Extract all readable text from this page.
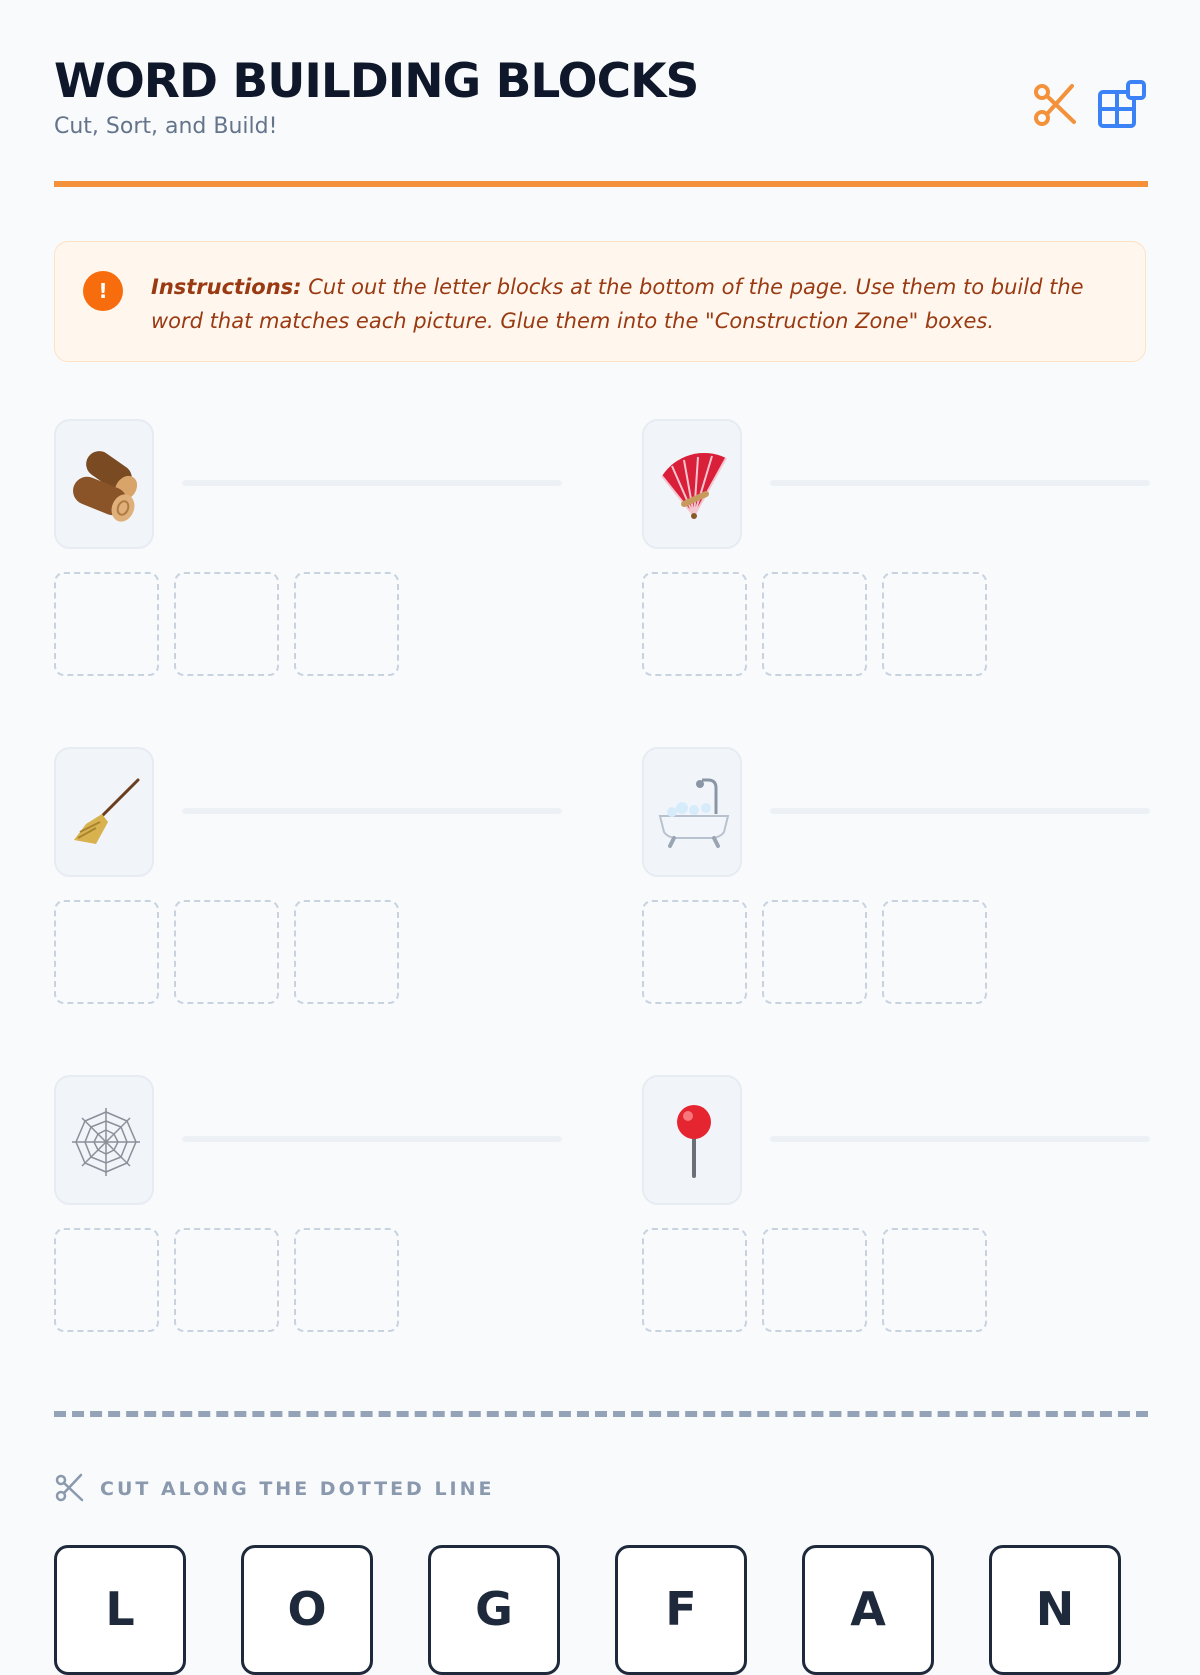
WORD BUILDING BLOCKS
Cut, Sort, and Build!
!	Instructions: Cut out the letter blocks at the bottom of the page. Use them to build the word that matches each picture. Glue them into the "Construction Zone" boxes.
CUT ALONG THE DOTTED LINE
L	O	G	F	A	N
